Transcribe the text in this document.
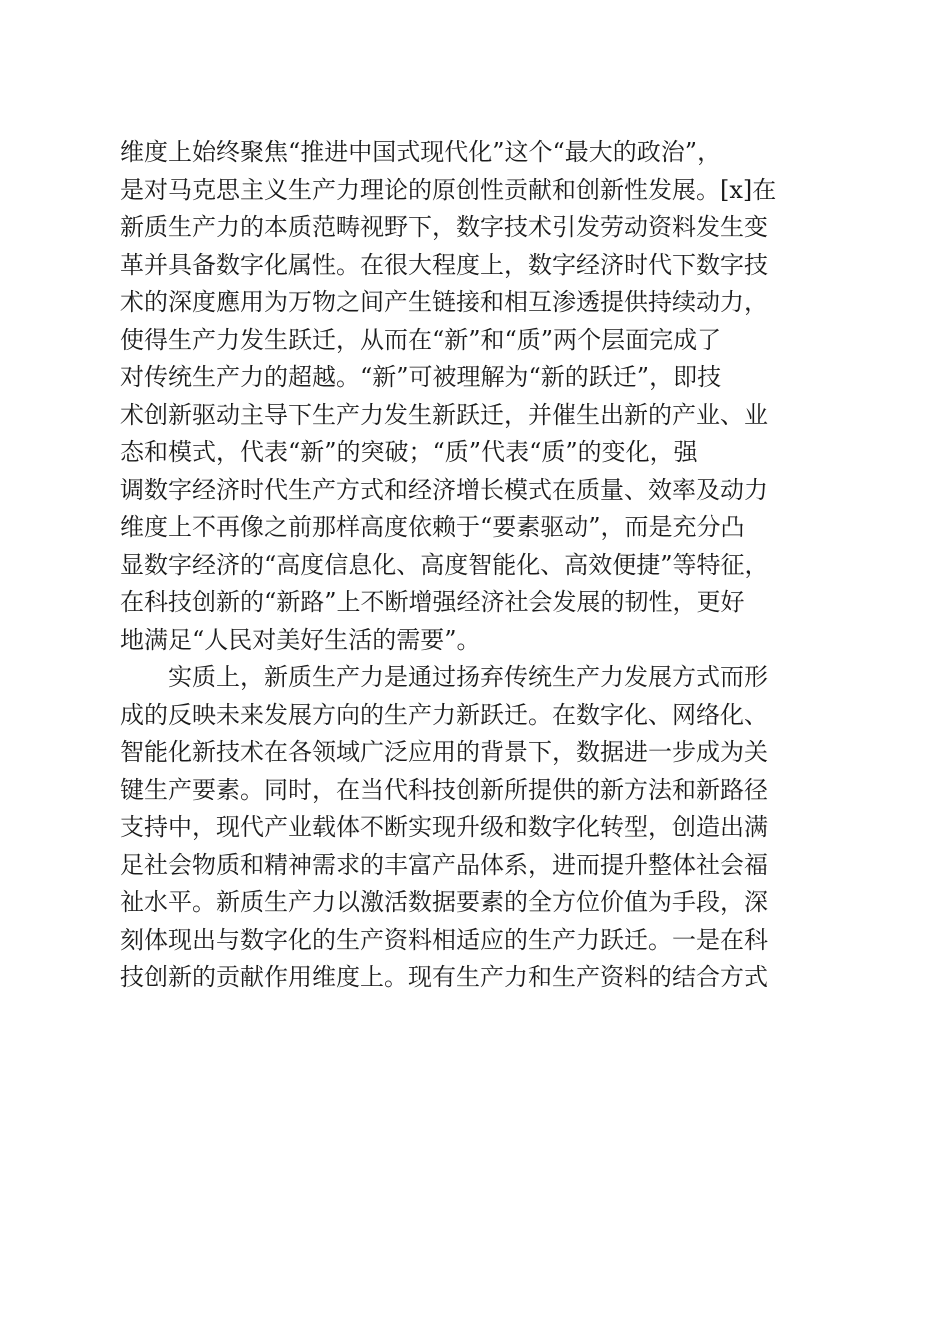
维度上始终聚焦“推进中国式现代化”这个“最大的政治”，
是对马克思主义生产力理论的原创性贡献和创新性发展。[x]在
新质生产力的本质范畴视野下，数字技术引发劳动资料发生变
革并具备数字化属性。在很大程度上，数字经济时代下数字技
术的深度應用为万物之间产生链接和相互渗透提供持续动力，
使得生产力发生跃迁，从而在“新”和“质”两个层面完成了
对传统生产力的超越。“新”可被理解为“新的跃迁”，即技
术创新驱动主导下生产力发生新跃迁，并催生出新的产业、业
态和模式，代表“新”的突破；“质”代表“质”的变化，强
调数字经济时代生产方式和经济增长模式在质量、效率及动力
维度上不再像之前那样高度依赖于“要素驱动”，而是充分凸
显数字经济的“高度信息化、高度智能化、高效便捷”等特征，
在科技创新的“新路”上不断增强经济社会发展的韧性，更好
地满足“人民对美好生活的需要”。
实质上，新质生产力是通过扬弃传统生产力发展方式而形
成的反映未来发展方向的生产力新跃迁。在数字化、网络化、
智能化新技术在各领域广泛应用的背景下，数据进一步成为关
键生产要素。同时，在当代科技创新所提供的新方法和新路径
支持中，现代产业载体不断实现升级和数字化转型，创造出满
足社会物质和精神需求的丰富产品体系，进而提升整体社会福
祉水平。新质生产力以激活数据要素的全方位价值为手段，深
刻体现出与数字化的生产资料相适应的生产力跃迁。一是在科
技创新的贡献作用维度上。现有生产力和生产资料的结合方式
